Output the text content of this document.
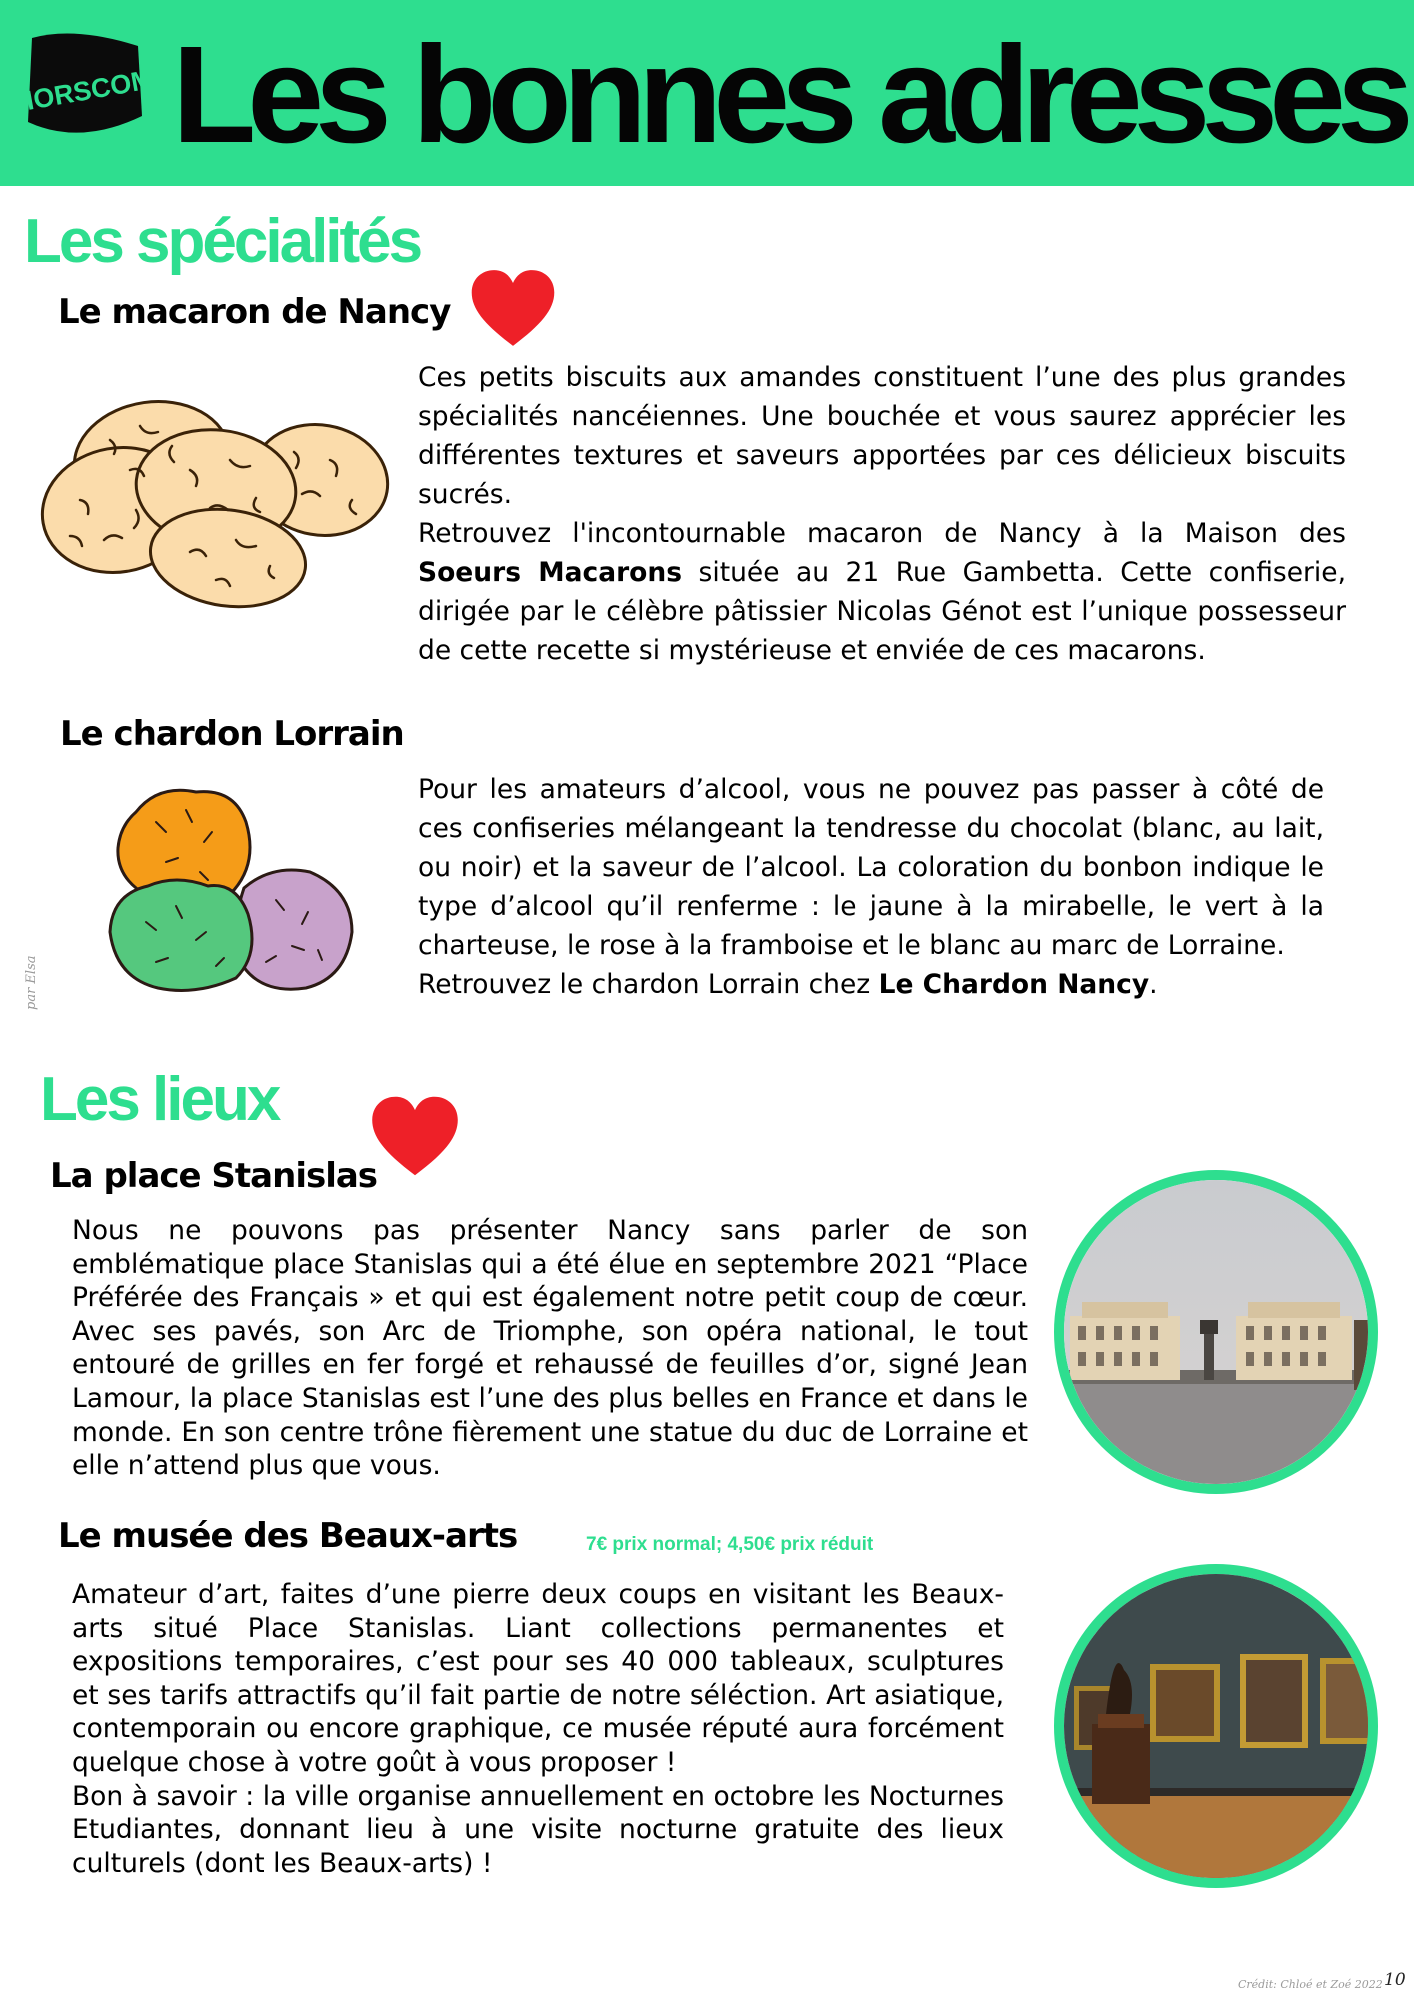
HORSCOM Les bonnes adresses
Les spécialités
Le macaron de Nancy

Ces petits biscuits aux amandes constituent l’une des plus grandes spécialités nancéiennes. Une bouchée et vous saurez apprécier les différentes textures et saveurs apportées par ces délicieux biscuits sucrés.

Retrouvez l'incontournable macaron de Nancy à la Maison des Soeurs Macarons située au 21 Rue Gambetta. Cette confiserie, dirigée par le célèbre pâtissier Nicolas Génot est l’unique possesseur de cette recette si mystérieuse et enviée de ces macarons.

Le chardon Lorrain
par Elsa

Pour les amateurs d’alcool, vous ne pouvez pas passer à côté de ces confiseries mélangeant la tendresse du chocolat (blanc, au lait, ou noir) et la saveur de l’alcool. La coloration du bonbon indique le type d’alcool qu’il renferme : le jaune à la mirabelle, le vert à la charteuse, le rose à la framboise et le blanc au marc de Lorraine.

Retrouvez le chardon Lorrain chez Le Chardon Nancy.

Les lieux
La place Stanislas

Nous ne pouvons pas présenter Nancy sans parler de son emblématique place Stanislas qui a été élue en septembre 2021 “Place Préférée des Français » et qui est également notre petit coup de cœur. Avec ses pavés, son Arc de Triomphe, son opéra national, le tout entouré de grilles en fer forgé et rehaussé de feuilles d’or, signé Jean Lamour, la place Stanislas est l’une des plus belles en France et dans le monde. En son centre trône fièrement une statue du duc de Lorraine et elle n’attend plus que vous.

Le musée des Beaux-arts	7€ prix normal; 4,50€ prix réduit

Amateur d’art, faites d’une pierre deux coups en visitant les Beaux-arts situé Place Stanislas. Liant collections permanentes et expositions temporaires, c’est pour ses 40 000 tableaux, sculptures et ses tarifs attractifs qu’il fait partie de notre séléction. Art asiatique, contemporain ou encore graphique, ce musée réputé aura forcément quelque chose à votre goût à vous proposer !

Bon à savoir : la ville organise annuellement en octobre les Nocturnes Etudiantes, donnant lieu à une visite nocturne gratuite des lieux culturels (dont les Beaux-arts) !

Crédit: Chloé et Zoé 2022 10
